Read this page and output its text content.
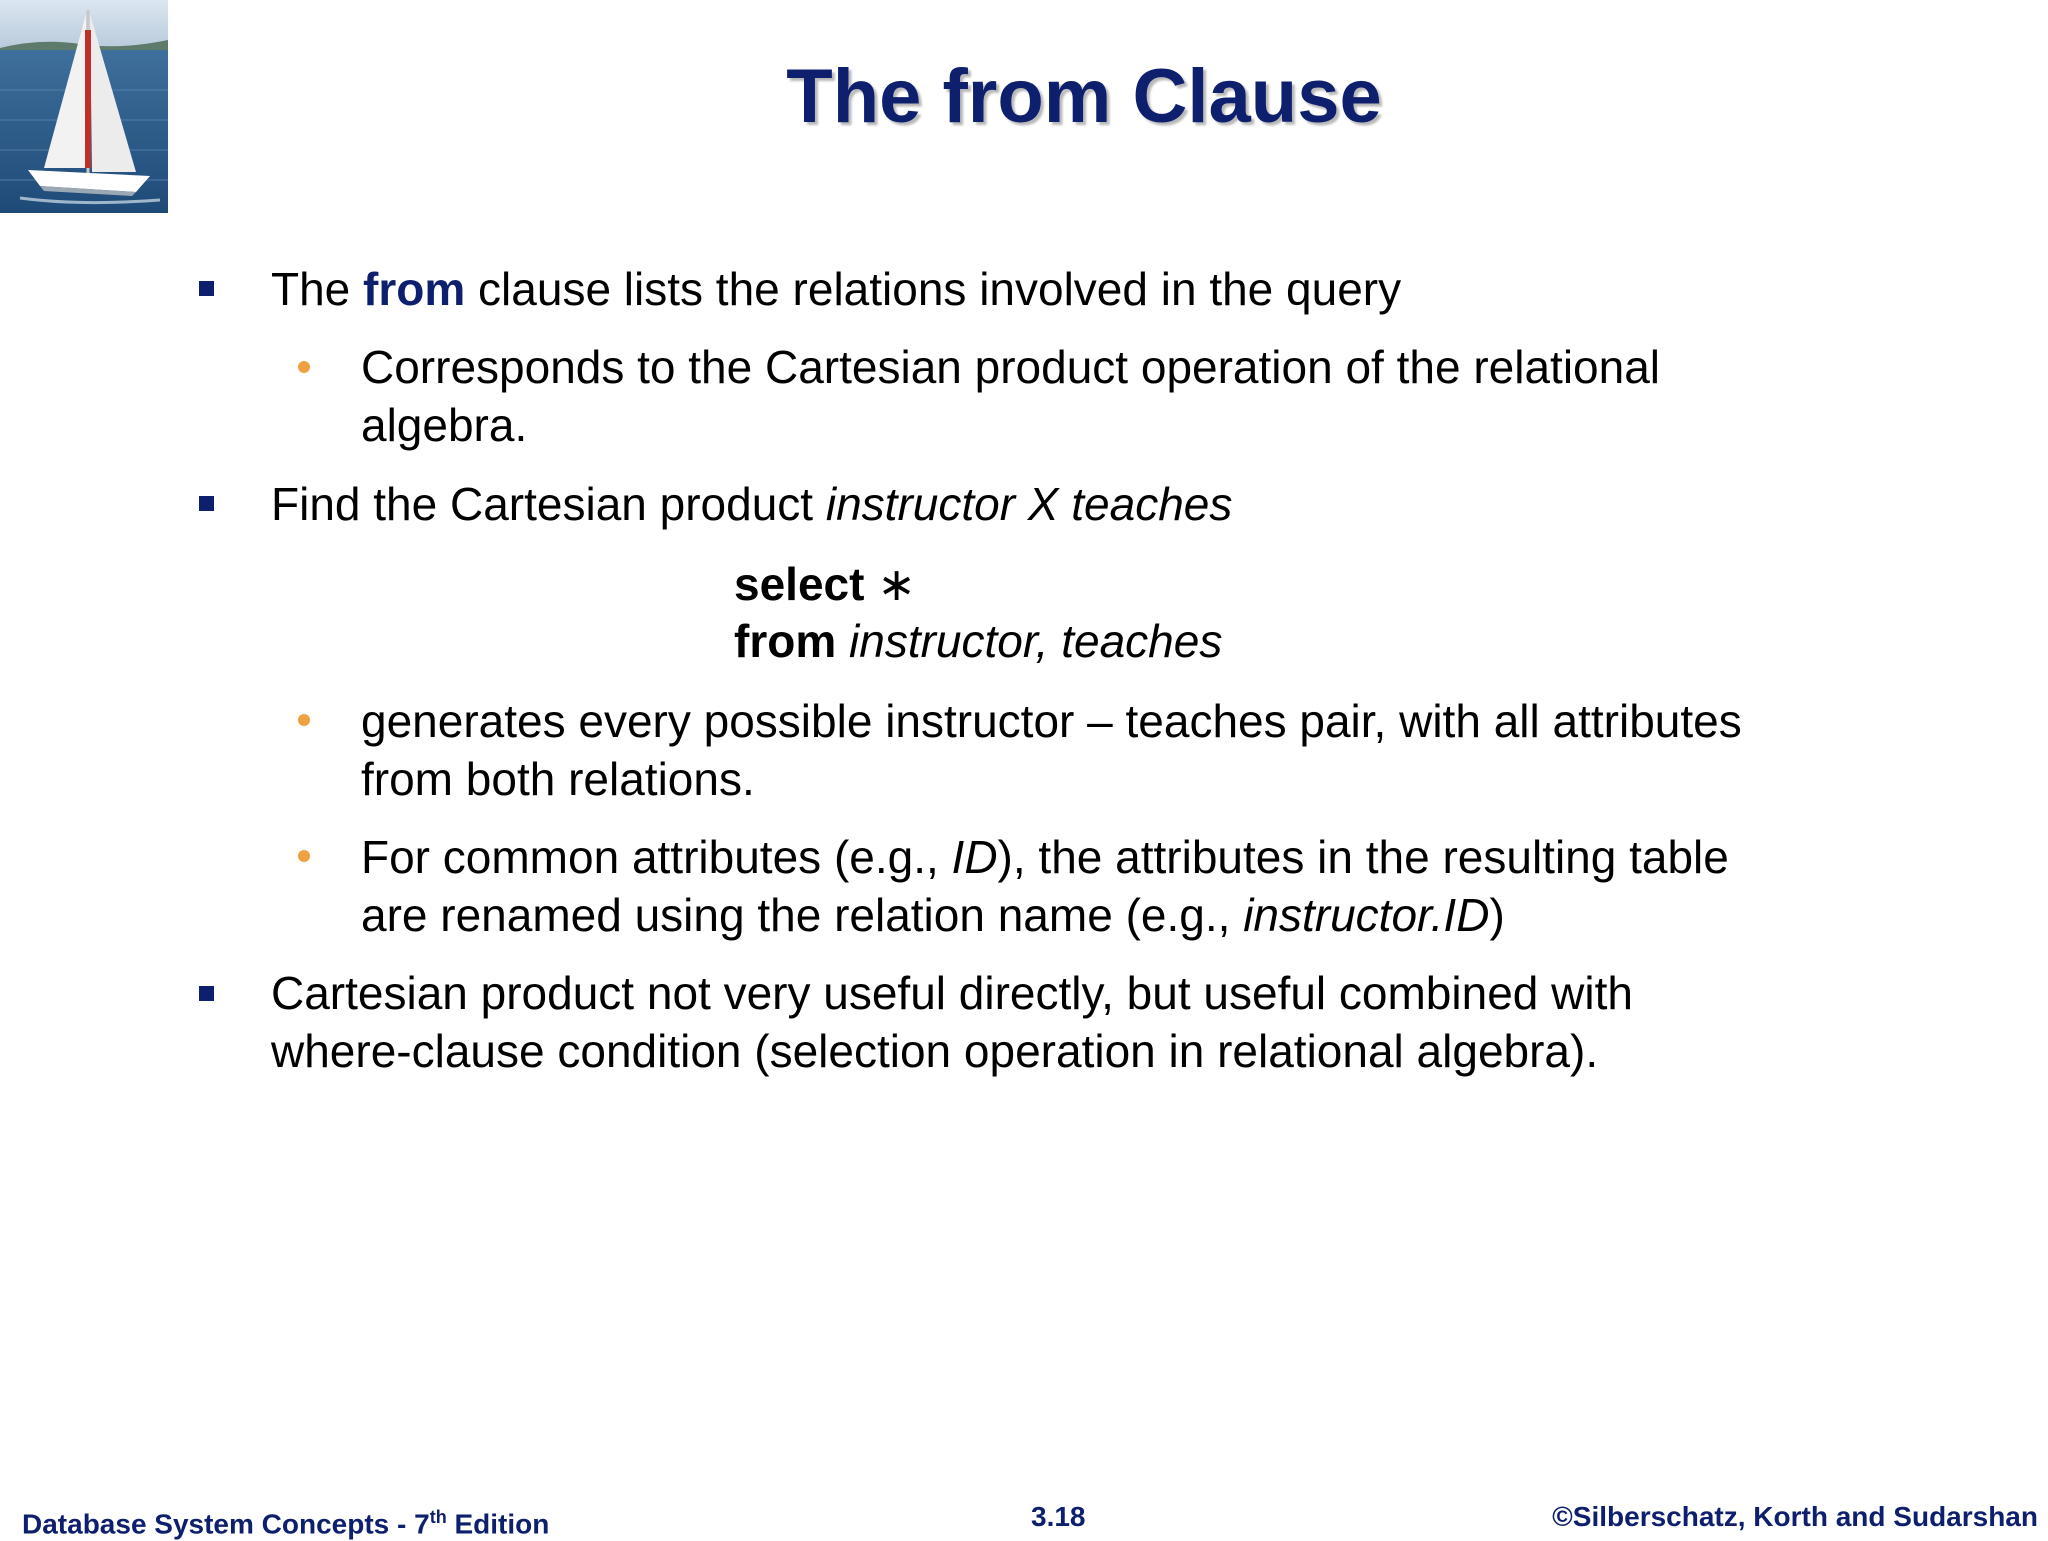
The from Clause
The from clause lists the relations involved in the query
Corresponds to the Cartesian product operation of the relational
algebra.
Find the Cartesian product instructor X teaches
select ∗
from instructor, teaches
generates every possible instructor – teaches pair, with all attributes
from both relations.
For common attributes (e.g., ID), the attributes in the resulting table
are renamed using the relation name (e.g., instructor.ID)
Cartesian product not very useful directly, but useful combined with
where-clause condition (selection operation in relational algebra).
Database System Concepts - 7th Edition	3.18	©Silberschatz, Korth and Sudarshan
